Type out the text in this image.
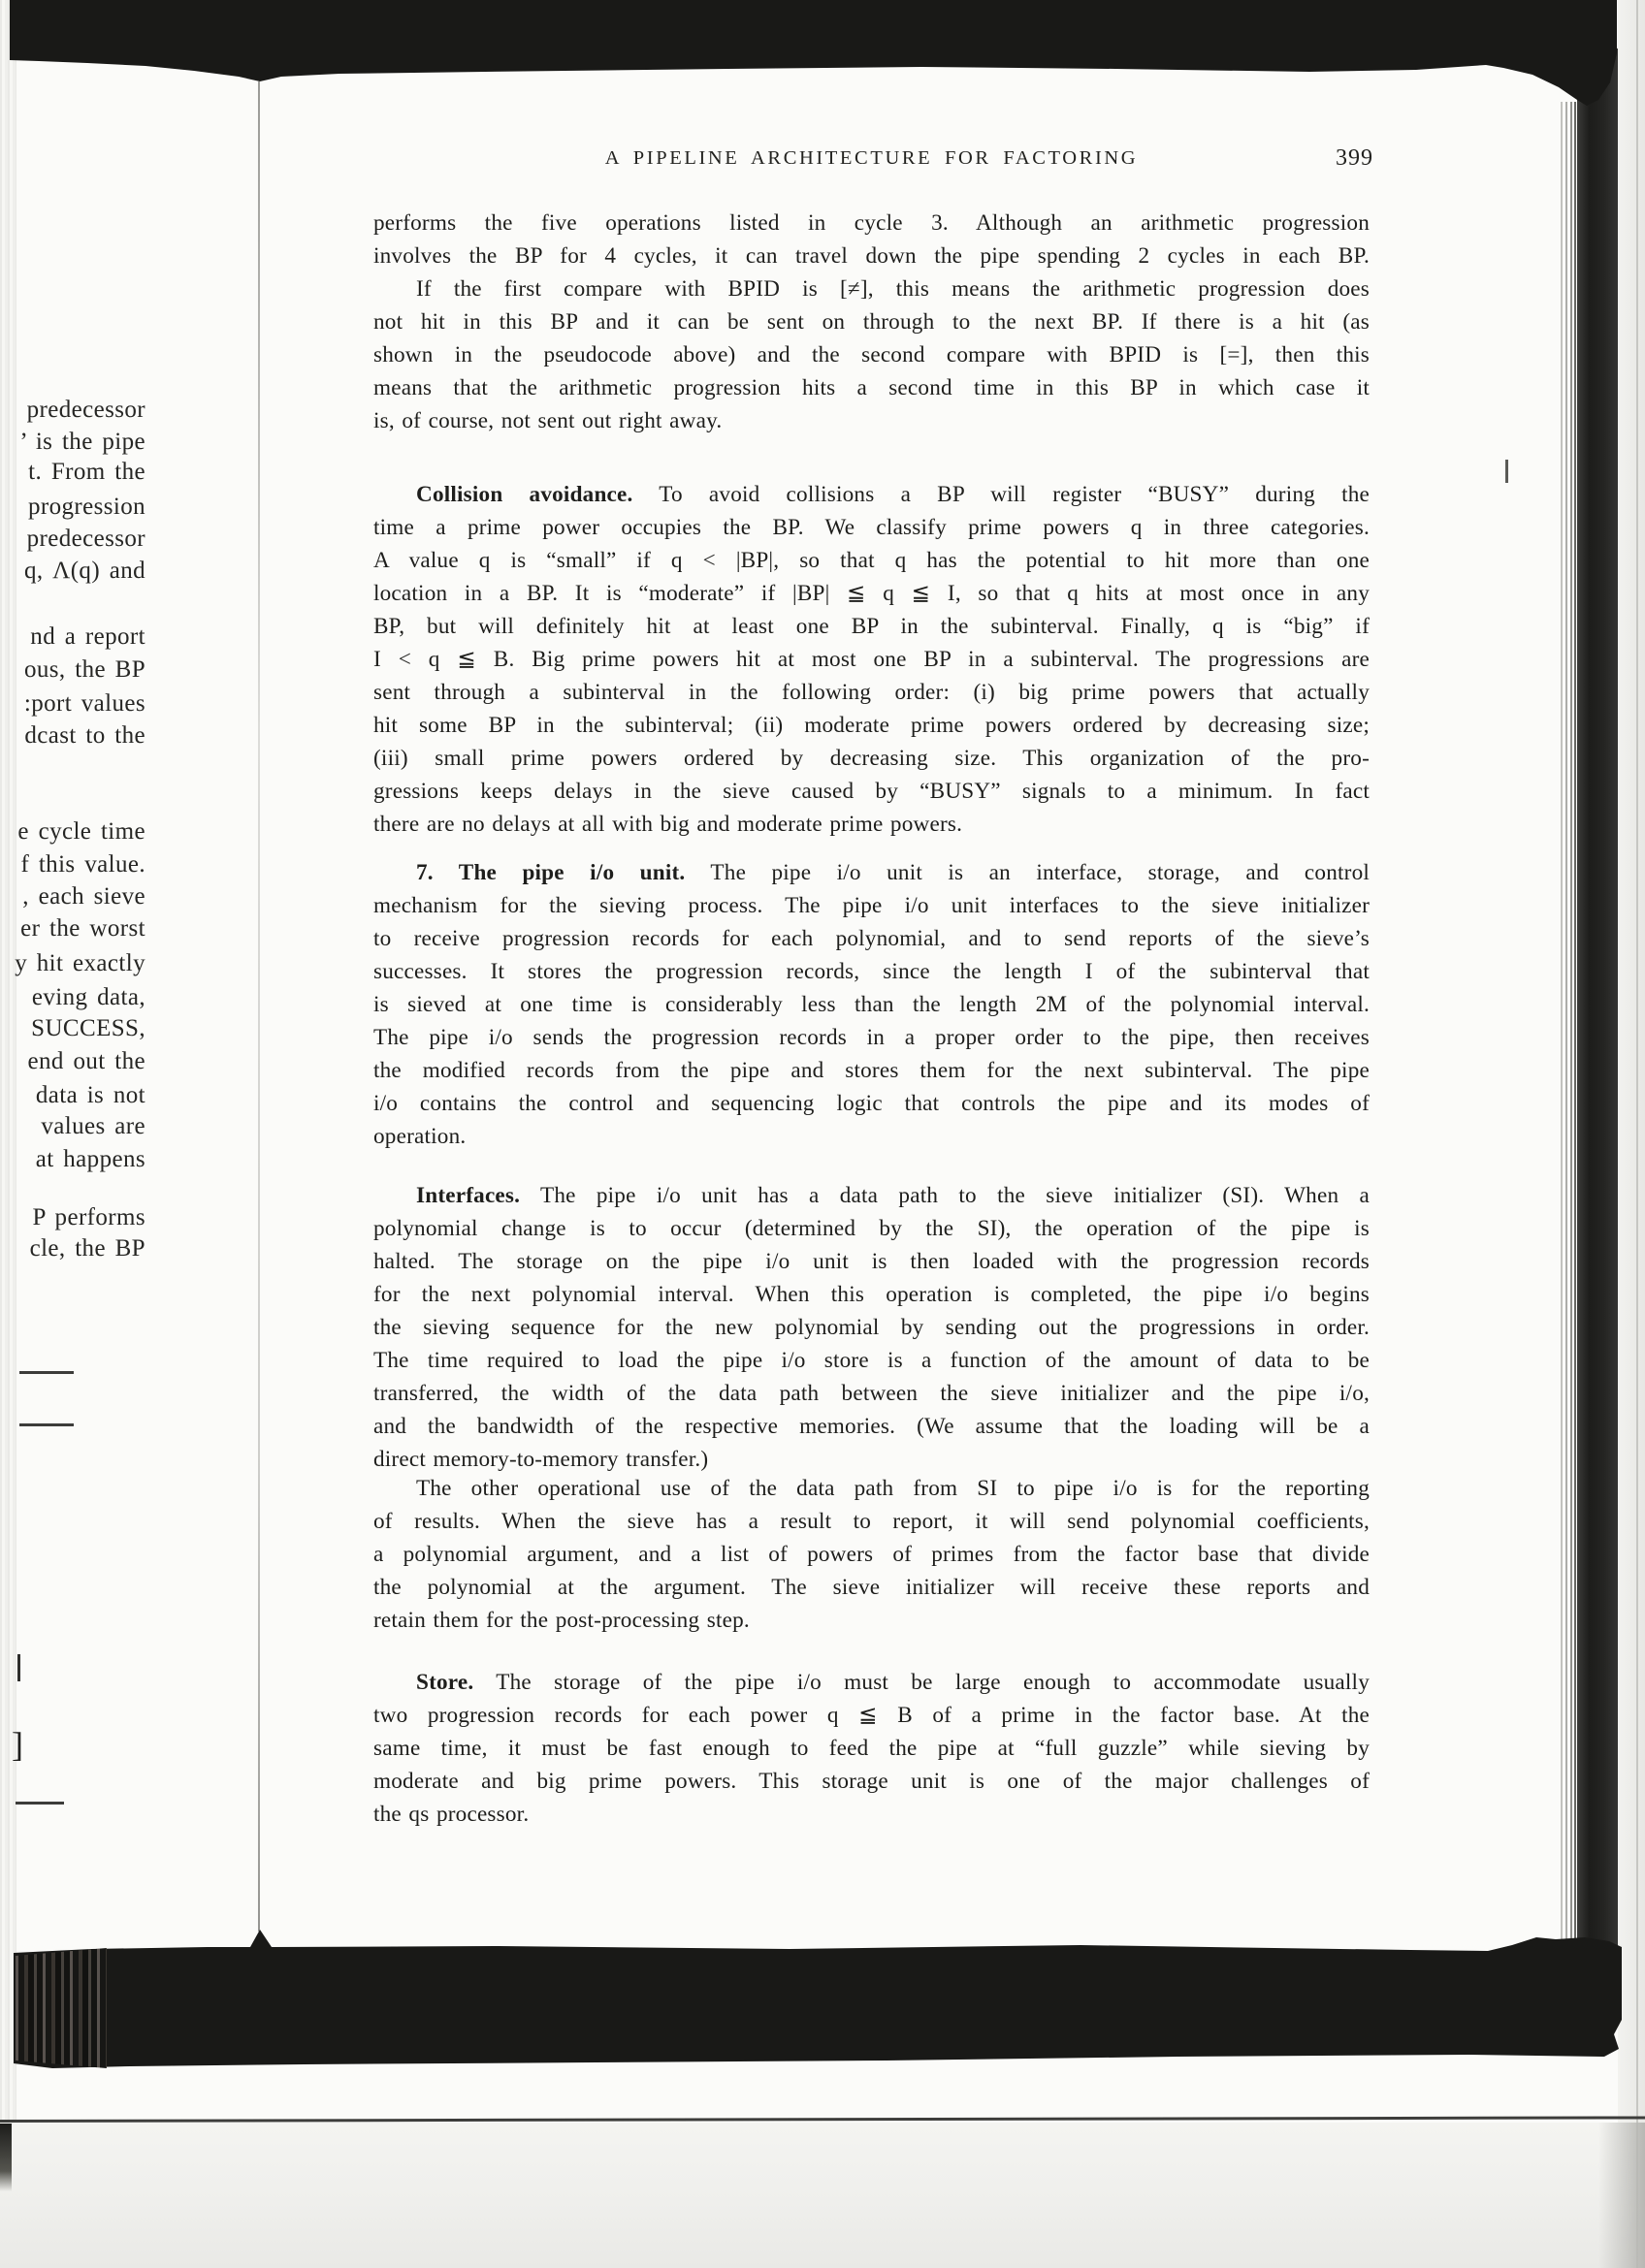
]
A PIPELINE ARCHITECTURE FOR FACTORING	399
performs the five operations listed in cycle 3. Although an arithmetic progression
involves the BP for 4 cycles, it can travel down the pipe spending 2 cycles in each BP.
If the first compare with BPID is [≠], this means the arithmetic progression does
not hit in this BP and it can be sent on through to the next BP. If there is a hit (as
shown in the pseudocode above) and the second compare with BPID is [=], then this
means that the arithmetic progression hits a second time in this BP in which case it
is, of course, not sent out right away.
Collision avoidance. To avoid collisions a BP will register “BUSY” during the
time a prime power occupies the BP. We classify prime powers q in three categories.
A value q is “small” if q < |BP|, so that q has the potential to hit more than one
location in a BP. It is “moderate” if |BP| ≦ q ≦ I, so that q hits at most once in any
BP, but will definitely hit at least one BP in the subinterval. Finally, q is “big” if
I < q ≦ B. Big prime powers hit at most one BP in a subinterval. The progressions are
sent through a subinterval in the following order: (i) big prime powers that actually
hit some BP in the subinterval; (ii) moderate prime powers ordered by decreasing size;
(iii) small prime powers ordered by decreasing size. This organization of the pro-
gressions keeps delays in the sieve caused by “BUSY” signals to a minimum. In fact
there are no delays at all with big and moderate prime powers.
7. The pipe i/o unit. The pipe i/o unit is an interface, storage, and control
mechanism for the sieving process. The pipe i/o unit interfaces to the sieve initializer
to receive progression records for each polynomial, and to send reports of the sieve’s
successes. It stores the progression records, since the length I of the subinterval that
is sieved at one time is considerably less than the length 2M of the polynomial interval.
The pipe i/o sends the progression records in a proper order to the pipe, then receives
the modified records from the pipe and stores them for the next subinterval. The pipe
i/o contains the control and sequencing logic that controls the pipe and its modes of
operation.
Interfaces. The pipe i/o unit has a data path to the sieve initializer (SI). When a
polynomial change is to occur (determined by the SI), the operation of the pipe is
halted. The storage on the pipe i/o unit is then loaded with the progression records
for the next polynomial interval. When this operation is completed, the pipe i/o begins
the sieving sequence for the new polynomial by sending out the progressions in order.
The time required to load the pipe i/o store is a function of the amount of data to be
transferred, the width of the data path between the sieve initializer and the pipe i/o,
and the bandwidth of the respective memories. (We assume that the loading will be a
direct memory-to-memory transfer.)
The other operational use of the data path from SI to pipe i/o is for the reporting
of results. When the sieve has a result to report, it will send polynomial coefficients,
a polynomial argument, and a list of powers of primes from the factor base that divide
the polynomial at the argument. The sieve initializer will receive these reports and
retain them for the post-processing step.
Store. The storage of the pipe i/o must be large enough to accommodate usually
two progression records for each power q ≦ B of a prime in the factor base. At the
same time, it must be fast enough to feed the pipe at “full guzzle” while sieving by
moderate and big prime powers. This storage unit is one of the major challenges of
the qs processor.
predecessor
’ is the pipe
t. From the
progression
predecessor
q, Λ(q) and
nd a report
ous, the BP
:port values
dcast to the
e cycle time
f this value.
, each sieve
er the worst
y hit exactly
eving data,
SUCCESS,
end out the
data is not
values are
at happens
P performs
cle, the BP
